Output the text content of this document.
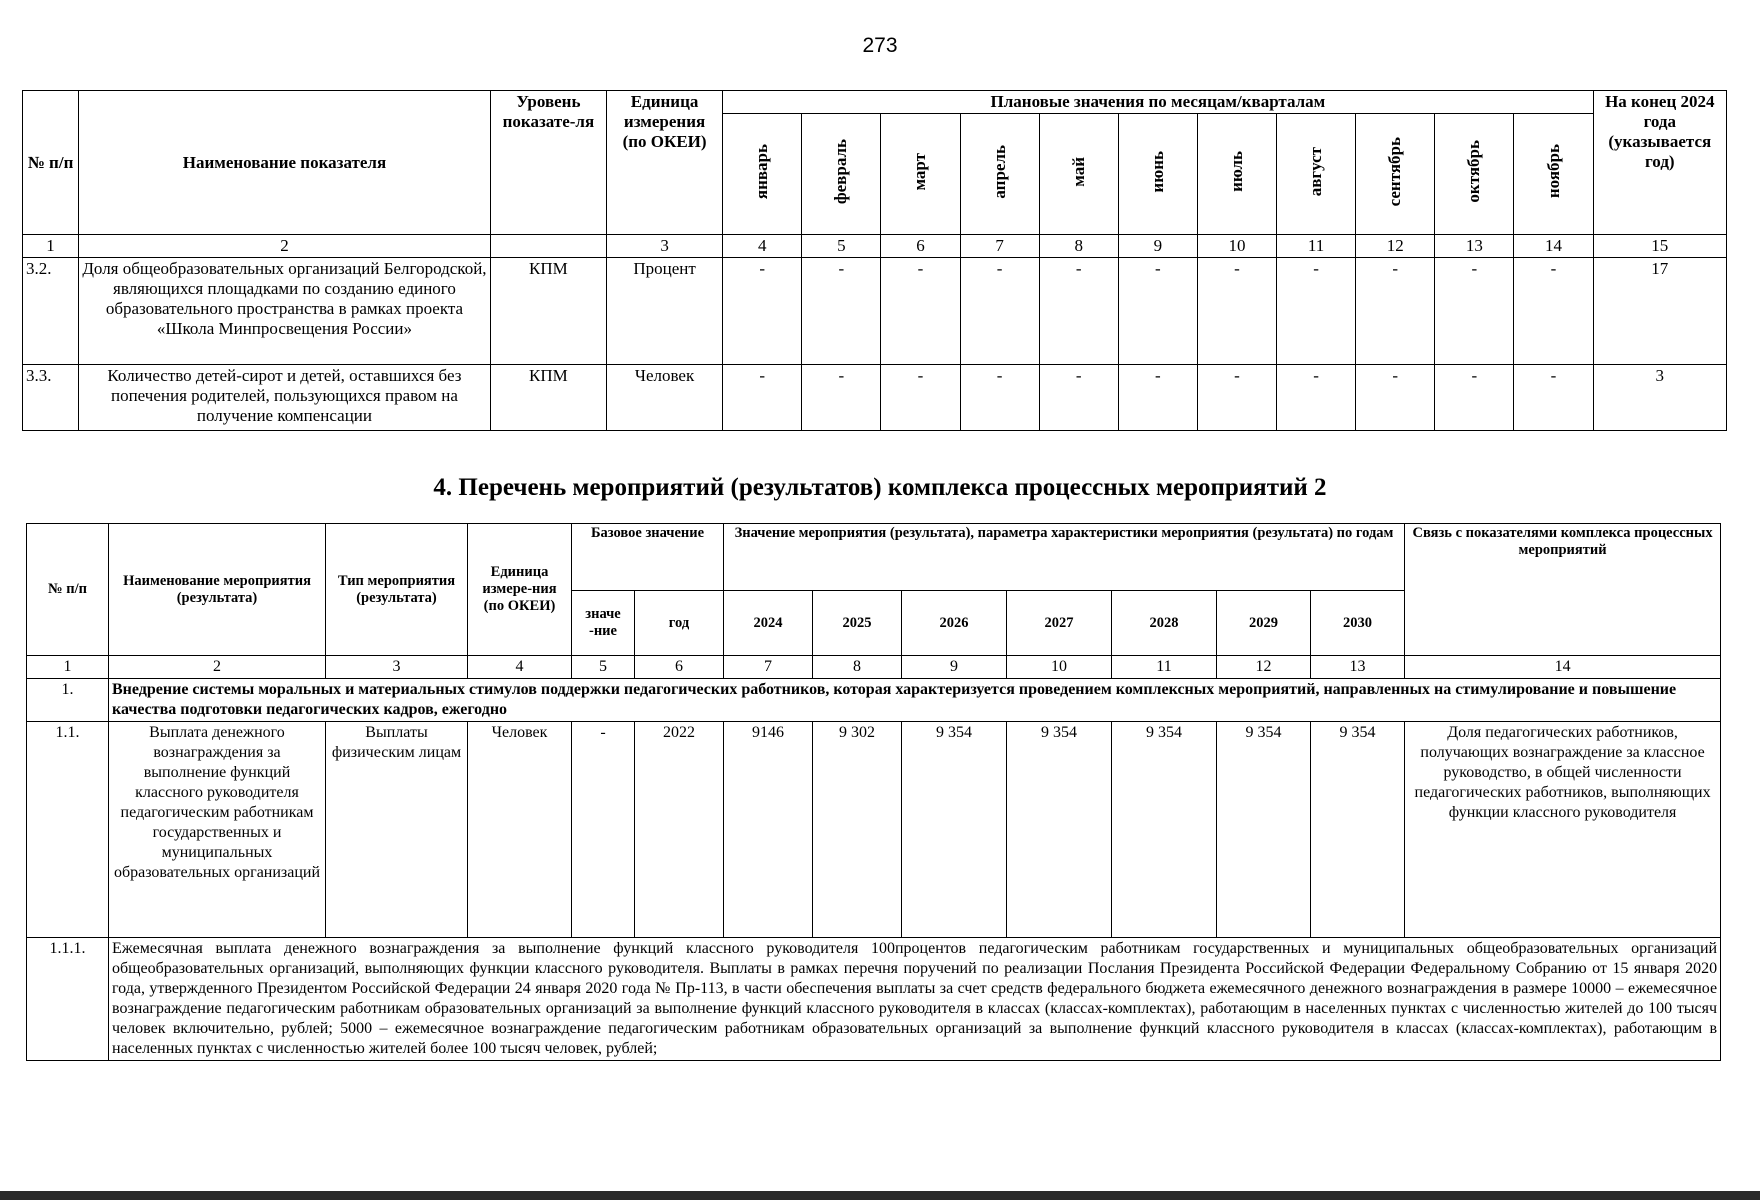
273
№ п/п	Наименование показателя	Уровень показате-ля	Единица измерения (по ОКЕИ)	Плановые значения по месяцам/кварталам											На конец 2024 года (указывается год)
				январь	февраль	март	апрель	май	июнь	июль	август	сентябрь	октябрь	ноябрь	
1	2		3	4	5	6	7	8	9	10	11	12	13	14	15
3.2.	Доля общеобразовательных организаций Белгородской, являющихся площадками по созданию единого образовательного пространства в рамках проекта «Школа Минпросвещения России»	КПМ	Процент	-	-	-	-	-	-	-	-	-	-	-	17
3.3.	Количество детей-сирот и детей, оставшихся без попечения родителей, пользующихся правом на получение компенсации	КПМ	Человек	-	-	-	-	-	-	-	-	-	-	-	3
4. Перечень мероприятий (результатов) комплекса процессных мероприятий 2
№ п/п	Наименование мероприятия (результата)	Тип мероприятия (результата)	Единица измере-ния (по ОКЕИ)	Базовое значение		Значение мероприятия (результата), параметра характеристики мероприятия (результата) по годам							Связь с показателями комплекса процессных мероприятий
				значе -ние	год	2024	2025	2026	2027	2028	2029	2030	
1	2	3	4	5	6	7	8	9	10	11	12	13	14
1.	Внедрение системы моральных и материальных стимулов поддержки педагогических работников, которая характеризуется проведением комплексных мероприятий, направленных на стимулирование и повышение качества подготовки педагогических кадров, ежегодно												
1.1.	Выплата денежного вознаграждения за выполнение функций классного руководителя педагогическим работникам государственных и муниципальных образовательных организаций	Выплаты физическим лицам	Человек	-	2022	9146	9 302	9 354	9 354	9 354	9 354	9 354	Доля педагогических работников, получающих вознаграждение за классное руководство, в общей численности педагогических работников, выполняющих функции классного руководителя
1.1.1.	Ежемесячная выплата денежного вознаграждения за выполнение функций классного руководителя 100процентов педагогическим работникам государственных и муниципальных общеобразовательных организаций общеобразовательных организаций, выполняющих функции классного руководителя. Выплаты в рамках перечня поручений по реализации Послания Президента Российской Федерации Федеральному Собранию от 15 января 2020 года, утвержденного Президентом Российской Федерации 24 января 2020 года № Пр-113, в части обеспечения выплаты за счет средств федерального бюджета ежемесячного денежного вознаграждения в размере 10000 – ежемесячное вознаграждение педагогическим работникам образовательных организаций за выполнение функций классного руководителя в классах (классах-комплектах), работающим в населенных пунктах с численностью жителей до 100 тысяч человек включительно, рублей; 5000 – ежемесячное вознаграждение педагогическим работникам образовательных организаций за выполнение функций классного руководителя в классах (классах-комплектах), работающим в населенных пунктах с численностью жителей более 100 тысяч человек, рублей;												
